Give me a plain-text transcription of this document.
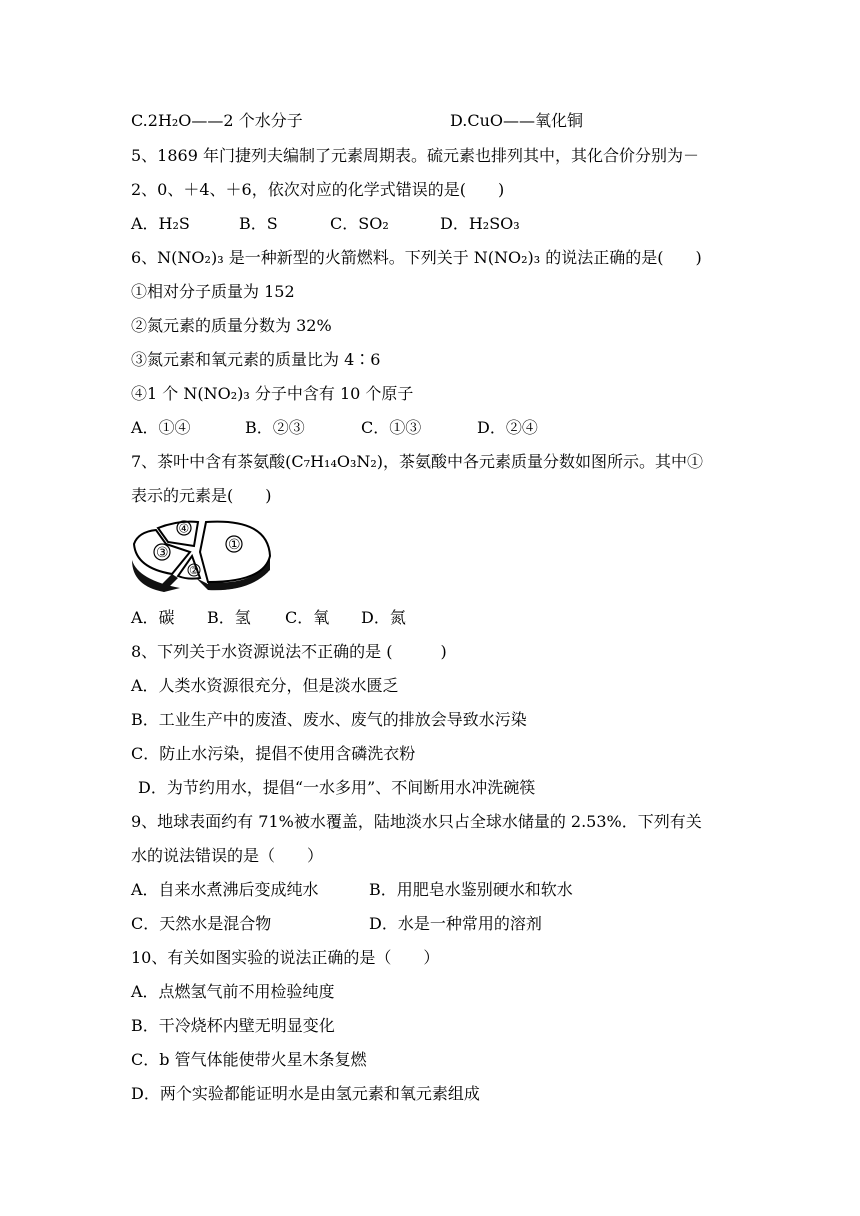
C.2H₂O——2 个水分子	D.CuO——氧化铜
5、1869 年门捷列夫编制了元素周期表。硫元素也排列其中，其化合价分别为－
2、0、＋4、＋6，依次对应的化学式错误的是(　　)
A．H₂S	B．S	C．SO₂	D．H₂SO₃
6、N(NO₂)₃ 是一种新型的火箭燃料。下列关于 N(NO₂)₃ 的说法正确的是(　　)
①相对分子质量为 152
②氮元素的质量分数为 32%
③氮元素和氧元素的质量比为 4∶6
④1 个 N(NO₂)₃ 分子中含有 10 个原子
A．①④	B．②③	C．①③	D．②④
7、茶叶中含有茶氨酸(C₇H₁₄O₃N₂)，茶氨酸中各元素质量分数如图所示。其中①
表示的元素是(　　)
①
②
③
④
A．碳 B．氢 C．氧 D．氮
8、下列关于水资源说法不正确的是 (　　　)
A．人类水资源很充分，但是淡水匮乏
B．工业生产中的废渣、废水、废气的排放会导致水污染
C．防止水污染，提倡不使用含磷洗衣粉
D．为节约用水，提倡“一水多用”、不间断用水冲洗碗筷
9、地球表面约有 71%被水覆盖，陆地淡水只占全球水储量的 2.53%．下列有关
水的说法错误的是（　　）
A．自来水煮沸后变成纯水	B．用肥皂水鉴别硬水和软水
C．天然水是混合物	D．水是一种常用的溶剂
10、有关如图实验的说法正确的是（　　）
A．点燃氢气前不用检验纯度
B．干冷烧杯内壁无明显变化
C．b 管气体能使带火星木条复燃
D．两个实验都能证明水是由氢元素和氧元素组成
